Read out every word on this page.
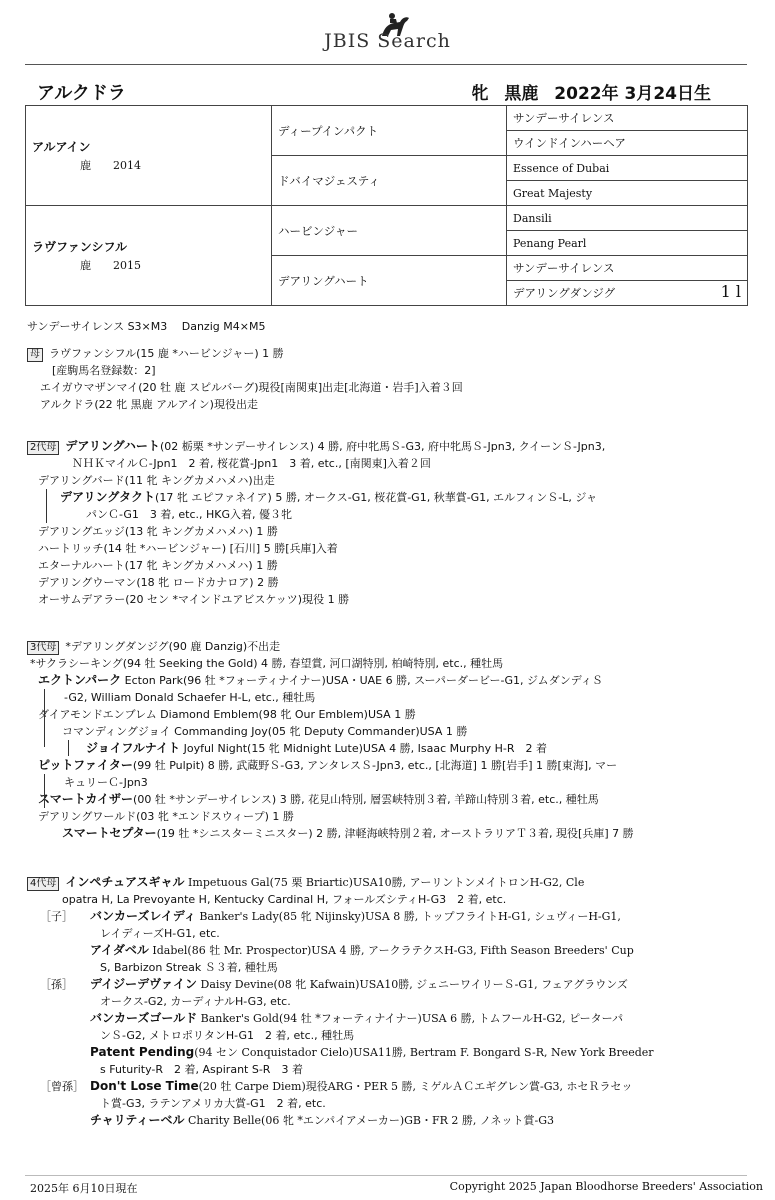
JBIS Search
アルクドラ	牝 黒鹿 2022年 3月24日生
アルアイン
鹿　　 2014	ディープインパクト	サンデーサイレンス
		ウインドインハーヘア
	ドバイマジェスティ	Essence of Dubai
		Great Majesty
ラヴファンシフル
鹿　　 2015	ハービンジャー	Dansili
		Penang Pearl
	デアリングハート	サンデーサイレンス
		デアリングダンジグ 1 l
サンデーサイレンス S3×M3　 Danzig M4×M5
母 ラヴファンシフル(15 鹿 *ハービンジャー) 1 勝
[産駒馬名登録数：2]
エイガウマザンマイ(20 牡 鹿 スピルバーグ)現役[南関東]出走[北海道・岩手]入着３回
アルクドラ(22 牝 黒鹿 アルアイン)現役出走
2代母 デアリングハート(02 栃栗 *サンデーサイレンス) 4 勝, 府中牝馬Ｓ-G3, 府中牝馬Ｓ-Jpn3, クイーンＳ-Jpn3,
ＮＨＫマイルＣ-Jpn1　2 着, 桜花賞-Jpn1　3 着, etc., [南関東]入着２回
デアリングバード(11 牝 キングカメハメハ)出走
デアリングタクト(17 牝 エピファネイア) 5 勝, オークス-G1, 桜花賞-G1, 秋華賞-G1, エルフィンＳ-L, ジャ
パンＣ-G1　3 着, etc., HKG入着, 優３牝
デアリングエッジ(13 牝 キングカメハメハ) 1 勝
ハートリッチ(14 牡 *ハービンジャー) [石川] 5 勝[兵庫]入着
エターナルハート(17 牝 キングカメハメハ) 1 勝
デアリングウーマン(18 牝 ロードカナロア) 2 勝
オーサムデアラー(20 セン *マインドユアビスケッツ)現役 1 勝
3代母 *デアリングダンジグ(90 鹿 Danzig)不出走
*サクラシーキング(94 牡 Seeking the Gold) 4 勝, 春望賞, 河口湖特別, 柏崎特別, etc., 種牡馬
エクトンパーク Ecton Park(96 牡 *フォーティナイナー)USA・UAE 6 勝, スーパーダービー-G1, ジムダンディＳ
-G2, William Donald Schaefer H-L, etc., 種牡馬
ダイアモンドエンブレム Diamond Emblem(98 牝 Our Emblem)USA 1 勝
コマンディングジョイ Commanding Joy(05 牝 Deputy Commander)USA 1 勝
ジョイフルナイト Joyful Night(15 牝 Midnight Lute)USA 4 勝, Isaac Murphy H-R　2 着
ピットファイター(99 牡 Pulpit) 8 勝, 武蔵野Ｓ-G3, アンタレスＳ-Jpn3, etc., [北海道] 1 勝[岩手] 1 勝[東海], マー
キュリーＣ-Jpn3
スマートカイザー(00 牡 *サンデーサイレンス) 3 勝, 花見山特別, 層雲峡特別３着, 羊蹄山特別３着, etc., 種牡馬
デアリングワールド(03 牝 *エンドスウィープ) 1 勝
スマートセプター(19 牡 *シニスターミニスター) 2 勝, 津軽海峡特別２着, オーストラリアＴ３着, 現役[兵庫] 7 勝
4代母 インペチュアスギャル Impetuous Gal(75 栗 Briartic)USA10勝, アーリントンメイトロンH-G2, Cle
opatra H, La Prevoyante H, Kentucky Cardinal H, フォールズシティH-G3　2 着, etc.
［子］ バンカーズレイディ Banker's Lady(85 牝 Nijinsky)USA 8 勝, トップフライトH-G1, シュヴィーH-G1,
レイディーズH-G1, etc.
アイダベル Idabel(86 牡 Mr. Prospector)USA 4 勝, アークラテクスH-G3, Fifth Season Breeders' Cup
S, Barbizon Streak Ｓ３着, 種牡馬
［孫］ デイジーデヴァイン Daisy Devine(08 牝 Kafwain)USA10勝, ジェニーワイリーＳ-G1, フェアグラウンズ
オークス-G2, カーディナルH-G3, etc.
バンカーズゴールド Banker's Gold(94 牡 *フォーティナイナー)USA 6 勝, トムフールH-G2, ピーターパ
ンＳ-G2, メトロポリタンH-G1　2 着, etc., 種牡馬
Patent Pending(94 セン Conquistador Cielo)USA11勝, Bertram F. Bongard S-R, New York Breeder
s Futurity-R　2 着, Aspirant S-R　3 着
［曾孫］ Don't Lose Time(20 牡 Carpe Diem)現役ARG・PER 5 勝, ミゲルＡＣエギグレン賞-G3, ホセＲラセッ
ト賞-G3, ラテンアメリカ大賞-G1　2 着, etc.
チャリティーベル Charity Belle(06 牝 *エンパイアメーカー)GB・FR 2 勝, ノネット賞-G3
2025年 6月10日現在	Copyright 2025 Japan Bloodhorse Breeders' Association
